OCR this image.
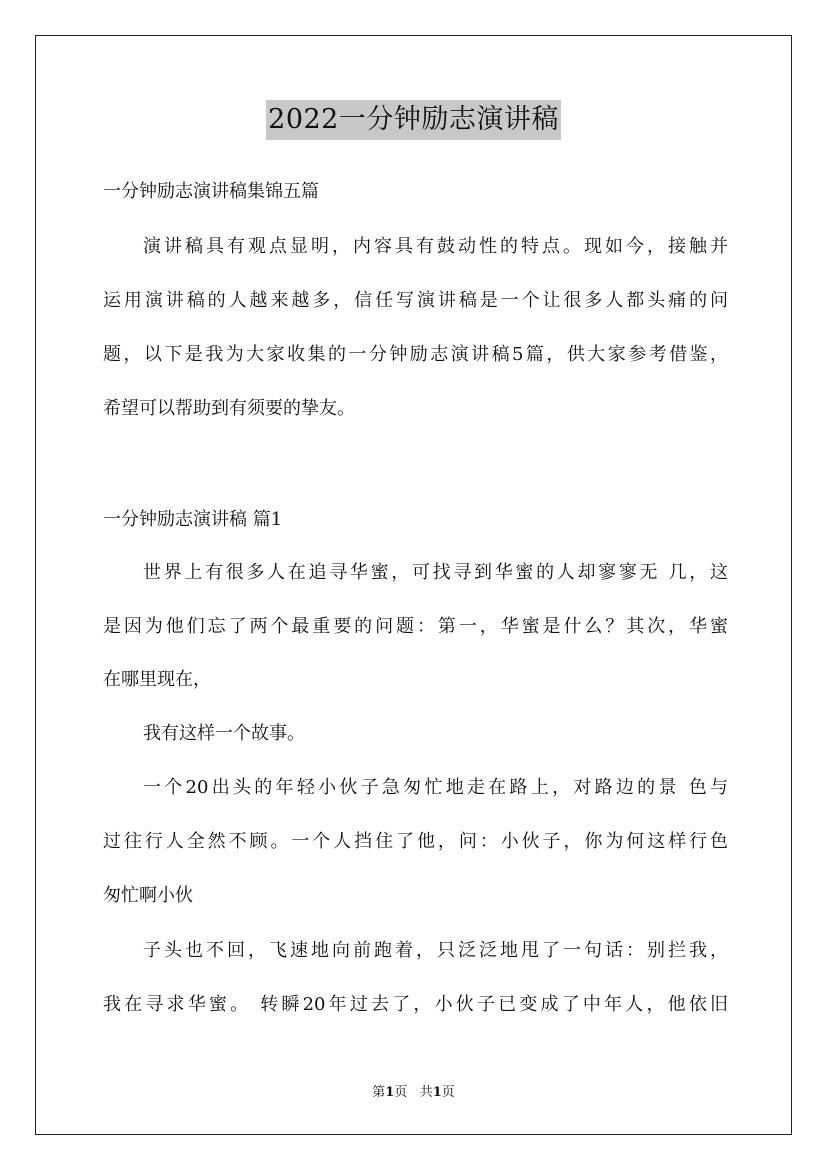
2022一分钟励志演讲稿
一分钟励志演讲稿集锦五篇
演讲稿具有观点显明，内容具有鼓动性的特点。现如今，接触并
运用演讲稿的人越来越多，信任写演讲稿是一个让很多人都头痛的问
题，以下是我为大家收集的一分钟励志演讲稿5篇，供大家参考借鉴，
希望可以帮助到有须要的挚友。
一分钟励志演讲稿 篇1
世界上有很多人在追寻华蜜，可找寻到华蜜的人却寥寥无 几，这
是因为他们忘了两个最重要的问题：第一，华蜜是什么？其次，华蜜
在哪里现在，
我有这样一个故事。
一个20出头的年轻小伙子急匆忙地走在路上，对路边的景 色与
过往行人全然不顾。一个人挡住了他，问：小伙子，你为何这样行色
匆忙啊小伙
子头也不回，飞速地向前跑着，只泛泛地甩了一句话：别拦我，
我在寻求华蜜。 转瞬20年过去了，小伙子已变成了中年人，他依旧
第1页 共1页
